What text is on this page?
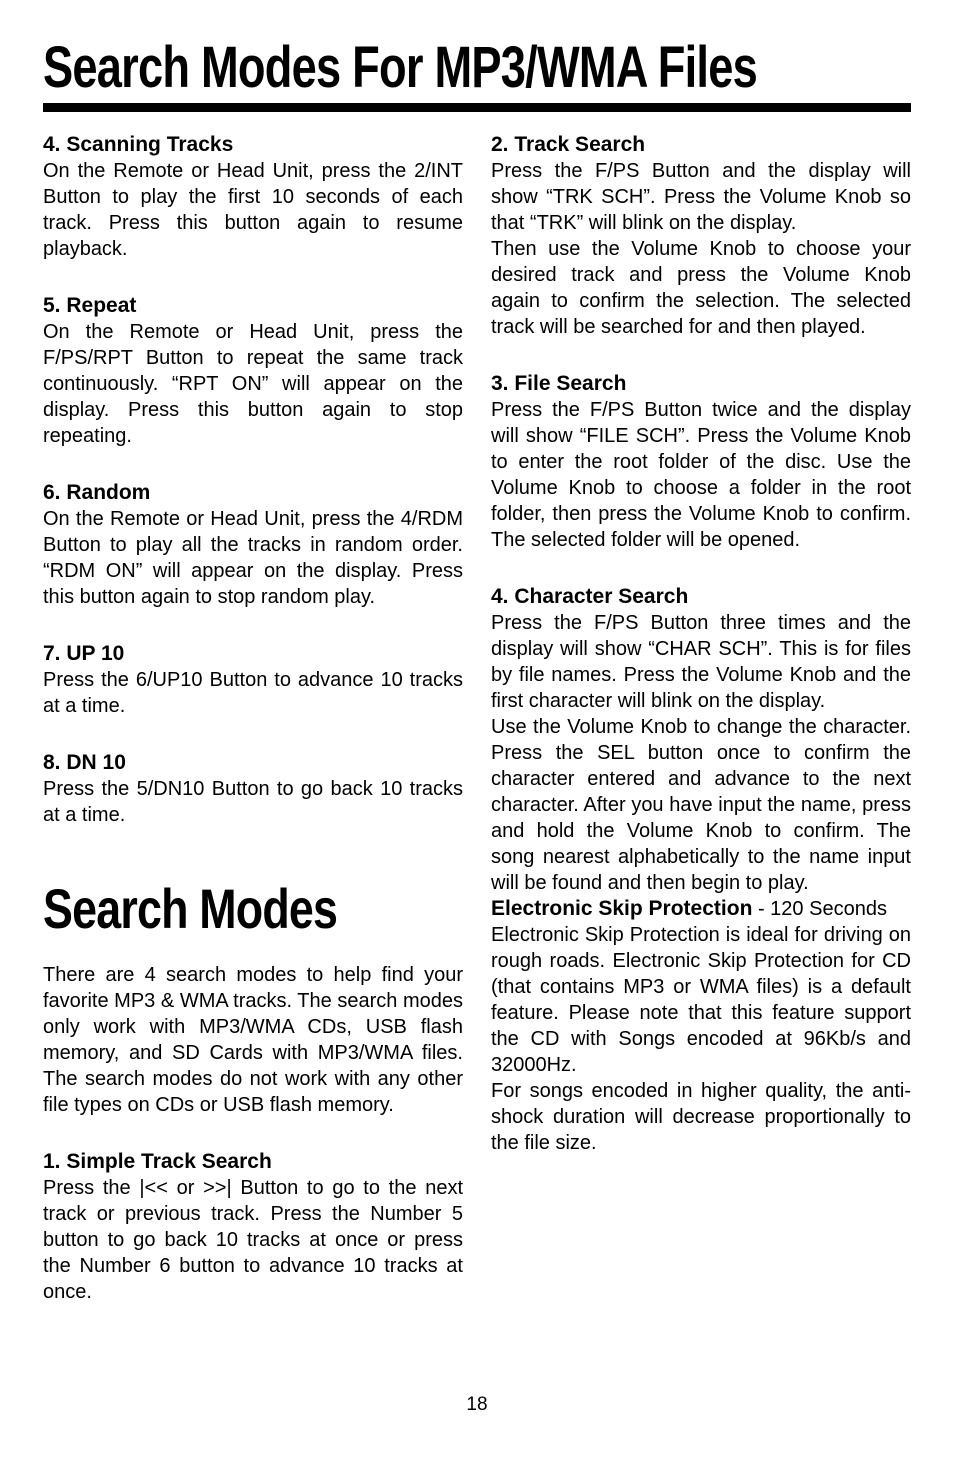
Search Modes For MP3/WMA Files

4. Scanning Tracks

On the Remote or Head Unit, press the 2/INT Button to play the first 10 seconds of each track. Press this button again to resume playback.

5. Repeat

On the Remote or Head Unit, press the F/PS/RPT Button to repeat the same track continuously. “RPT ON” will appear on the display. Press this button again to stop repeating.

6. Random

On the Remote or Head Unit, press the 4/RDM Button to play all the tracks in random order. “RDM ON” will appear on the display. Press this button again to stop random play.

7. UP 10

Press the 6/UP10 Button to advance 10 tracks at a time.

8. DN 10

Press the 5/DN10 Button to go back 10 tracks at a time.

Search Modes

There are 4 search modes to help find your favorite MP3 & WMA tracks. The search modes only work with MP3/WMA CDs, USB flash memory, and SD Cards with MP3/WMA files. The search modes do not work with any other file types on CDs or USB flash memory.

1. Simple Track Search

Press the |<< or >>| Button to go to the next track or previous track. Press the Number 5 button to go back 10 tracks at once or press the Number 6 button to advance 10 tracks at once.

2. Track Search

Press the F/PS Button and the display will show “TRK SCH”. Press the Volume Knob so that “TRK” will blink on the display.

Then use the Volume Knob to choose your desired track and press the Volume Knob again to confirm the selection. The selected track will be searched for and then played.

3. File Search

Press the F/PS Button twice and the display will show “FILE SCH”. Press the Volume Knob to enter the root folder of the disc. Use the Volume Knob to choose a folder in the root folder, then press the Volume Knob to confirm. The selected folder will be opened.

4. Character Search

Press the F/PS Button three times and the display will show “CHAR SCH”. This is for files by file names. Press the Volume Knob and the first character will blink on the display.

Use the Volume Knob to change the character. Press the SEL button once to confirm the character entered and advance to the next character. After you have input the name, press and hold the Volume Knob to confirm. The song nearest alphabetically to the name input will be found and then begin to play.

Electronic Skip Protection - 120 Seconds

Electronic Skip Protection is ideal for driving on rough roads. Electronic Skip Protection for CD (that contains MP3 or WMA files) is a default feature. Please note that this feature support the CD with Songs encoded at 96Kb/s and 32000Hz.

For songs encoded in higher quality, the anti-shock duration will decrease proportionally to the file size.

18
